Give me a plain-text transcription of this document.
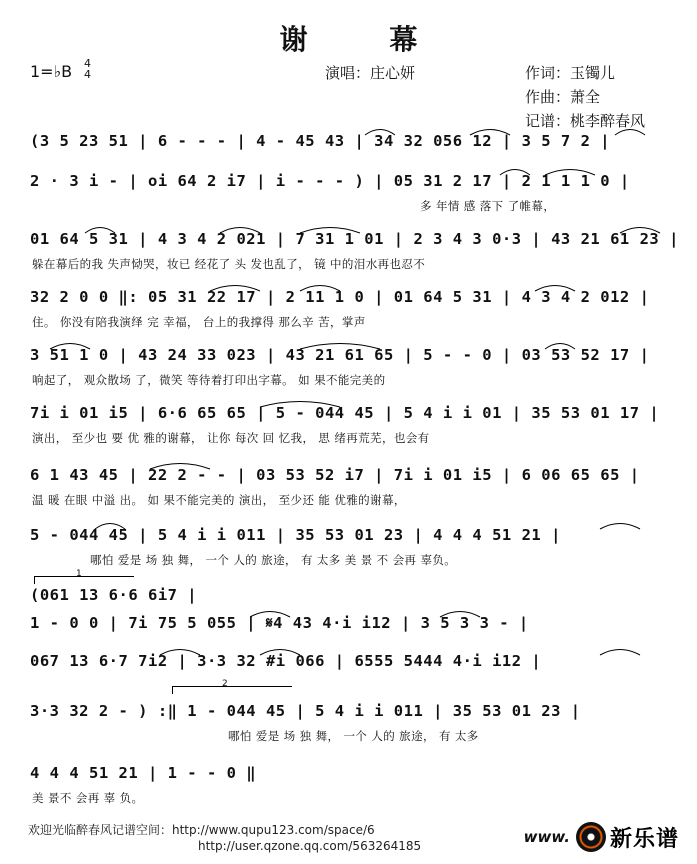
谢 幕
1=♭B 4
4	演唱：庄心妍	作词：玉镯儿
作曲：萧全
记谱：桃李醉春风
(3 5 23 51 | 6 - - - | 4 - 45 43 | 34 32 056 12 | 3 5 7 2 |
2 · 3 i - | oi 64 2 i7 | i - - - ) | 05 31 2 17 | 2 1 1 1 0 |
多 年情 感 落下 了帷幕，
01 64 5 31 | 4 3 4 2 021 | 7 31 1 01 | 2 3 4 3 0·3 | 43 21 61 23 |
躲在幕后的我 失声恸哭，妆已 经花了 头 发也乱了， 镜 中的泪水再也忍不
32 2 0 0 ‖: 05 31 22 17 | 2 11 1 0 | 01 64 5 31 | 4 3 4 2 012 |
住。 你没有陪我演绎 完 幸福， 台上的我撑得 那么辛 苦，掌声
3 51 1 0 | 43 24 33 023 | 43 21 61 65 | 5 - - 0 | 03 53 52 17 |
响起了， 观众散场 了，微笑 等待着打印出字幕。 如 果不能完美的
7i i 01 i5 | 6·6 65 65 | 5 - 044 45 | 5 4 i i 01 | 35 53 01 17 |
演出， 至少也 要 优 雅的谢幕， 让你 每次 回 忆我， 思 绪再荒芜，也会有
6 1 43 45 | 22 2 - - | 03 53 52 i7 | 7i i 01 i5 | 6 06 65 65 |
温 暖 在眼 中溢 出。 如 果不能完美的 演出， 至少还 能 优雅的谢幕，
5 - 044 45 | 5 4 i i 011 | 35 53 01 23 | 4 4 4 51 21 |
哪怕 爱是 场 独 舞， 一个 人的 旅途， 有 太多 美 景 不 会再 辜负。
(061 13 6·6 6i7 |
1 - 0 0 | 7i 75 5 055 | 𝄋4 43 4·i i12 | 3 5 3 3 - |
067 13 6·7 7i2 | 3·3 32 #i 066 | 6555 5444 4·i i12 |
3·3 32 2 - ) :‖ 1 - 044 45 | 5 4 i i 011 | 35 53 01 23 |
哪怕 爱是 场 独 舞， 一个 人的 旅途， 有 太多
4 4 4 51 21 | 1 - - 0 ‖
美 景不 会再 辜 负。
1
2
欢迎光临醉春风记谱空间：http://www.qupu123.com/space/6
http://user.qzone.qq.com/563264185	www. 新乐谱
